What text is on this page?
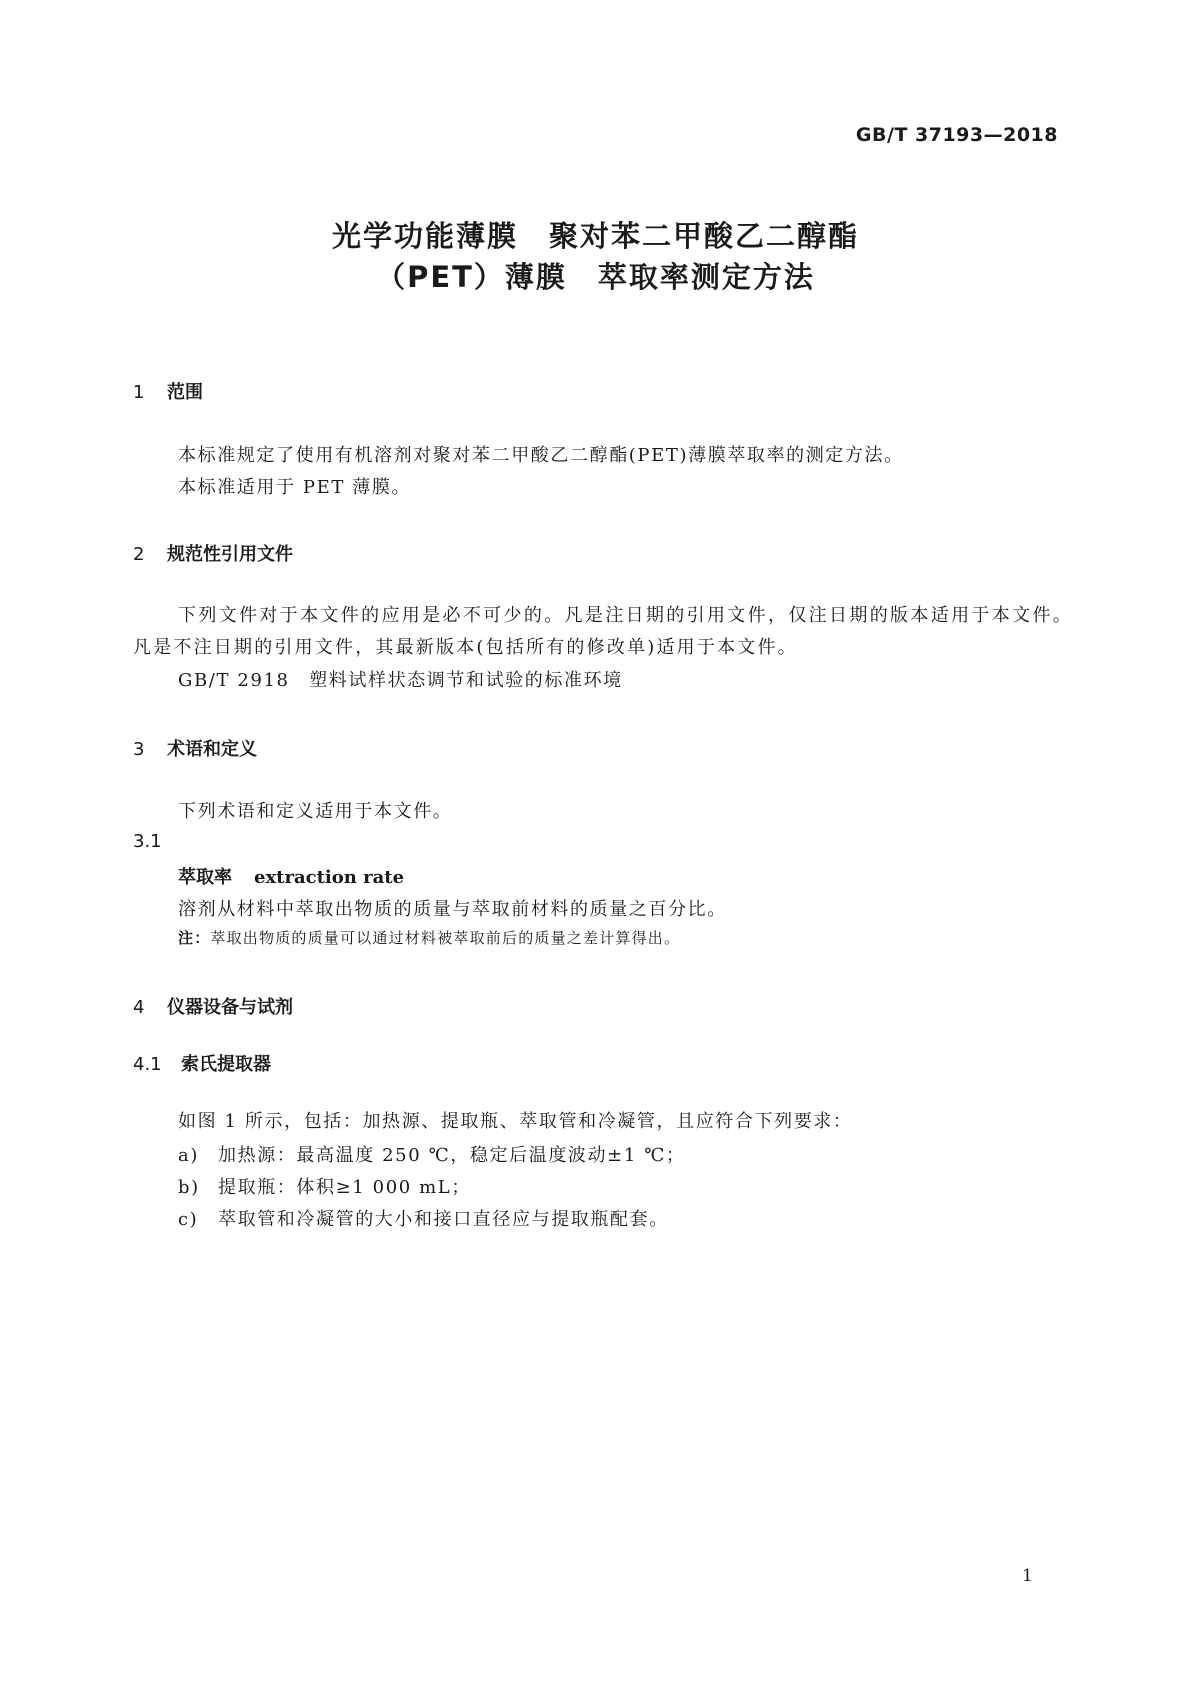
GB/T 37193—2018
光学功能薄膜　聚对苯二甲酸乙二醇酯
（PET）薄膜　萃取率测定方法
1 范围
本标准规定了使用有机溶剂对聚对苯二甲酸乙二醇酯(PET)薄膜萃取率的测定方法。
本标准适用于 PET 薄膜。
2 规范性引用文件
下列文件对于本文件的应用是必不可少的。凡是注日期的引用文件，仅注日期的版本适用于本文件。凡是不注日期的引用文件，其最新版本(包括所有的修改单)适用于本文件。
GB/T 2918　塑料试样状态调节和试验的标准环境
3 术语和定义
下列术语和定义适用于本文件。
3.1
萃取率 extraction rate
溶剂从材料中萃取出物质的质量与萃取前材料的质量之百分比。
注：萃取出物质的质量可以通过材料被萃取前后的质量之差计算得出。
4 仪器设备与试剂
4.1 索氏提取器
如图 1 所示，包括：加热源、提取瓶、萃取管和冷凝管，且应符合下列要求：
a) 加热源：最高温度 250 ℃，稳定后温度波动±1 ℃；
b) 提取瓶：体积≥1 000 mL；
c) 萃取管和冷凝管的大小和接口直径应与提取瓶配套。
1
